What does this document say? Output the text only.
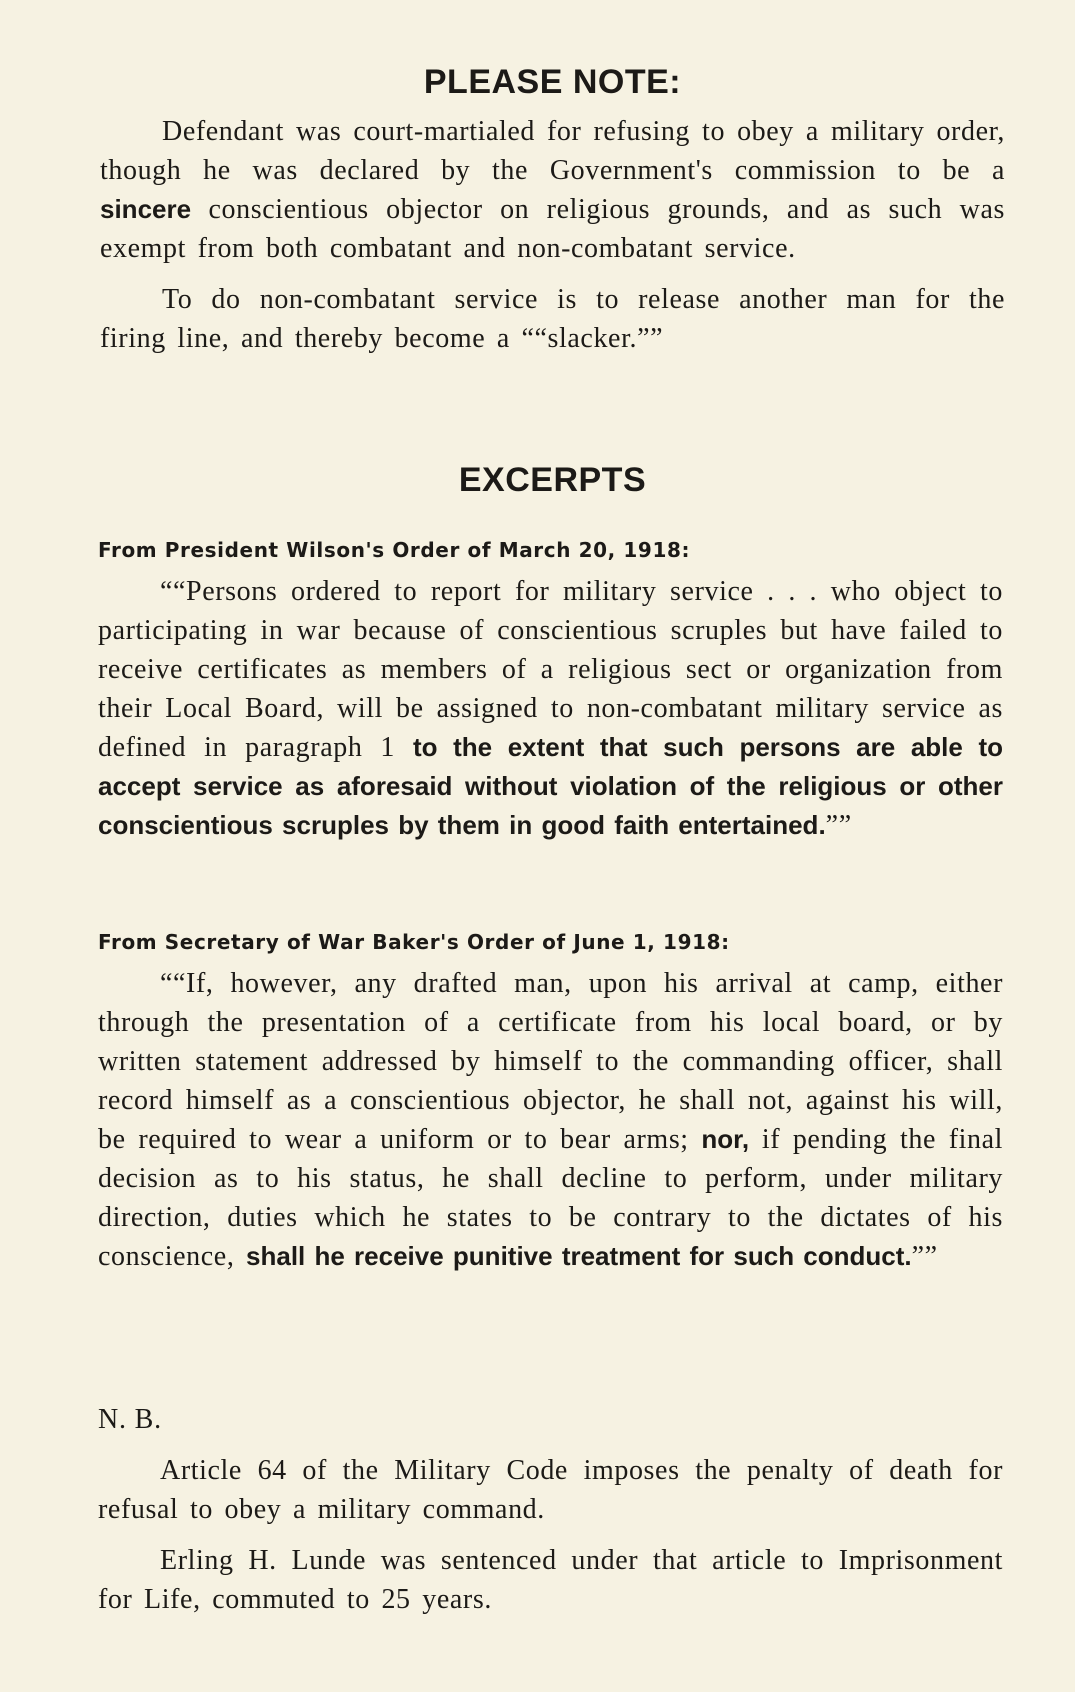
PLEASE NOTE:

Defendant was court-martialed for refusing to obey a military order, though he was declared by the Government's commission to be a sincere conscientious objector on religious grounds, and as such was exempt from both combatant and non-combatant service.

To do non-combatant service is to release another man for the firing line, and thereby become a ““slacker.””

EXCERPTS

From President Wilson's Order of March 20, 1918:

““Persons ordered to report for military service . . . who object to participating in war because of conscientious scruples but have failed to receive certificates as members of a religious sect or organization from their Local Board, will be assigned to non-combatant military service as defined in paragraph 1 to the extent that such persons are able to accept service as aforesaid without violation of the religious or other conscientious scruples by them in good faith entertained.””

From Secretary of War Baker's Order of June 1, 1918:

““If, however, any drafted man, upon his arrival at camp, either through the presentation of a certificate from his local board, or by written statement addressed by himself to the commanding officer, shall record himself as a conscientious objector, he shall not, against his will, be required to wear a uniform or to bear arms; nor, if pending the final decision as to his status, he shall decline to perform, under military direction, duties which he states to be contrary to the dictates of his conscience, shall he receive punitive treatment for such conduct.””

N. B.

Article 64 of the Military Code imposes the penalty of death for refusal to obey a military command.

Erling H. Lunde was sentenced under that article to Imprisonment for Life, commuted to 25 years.
